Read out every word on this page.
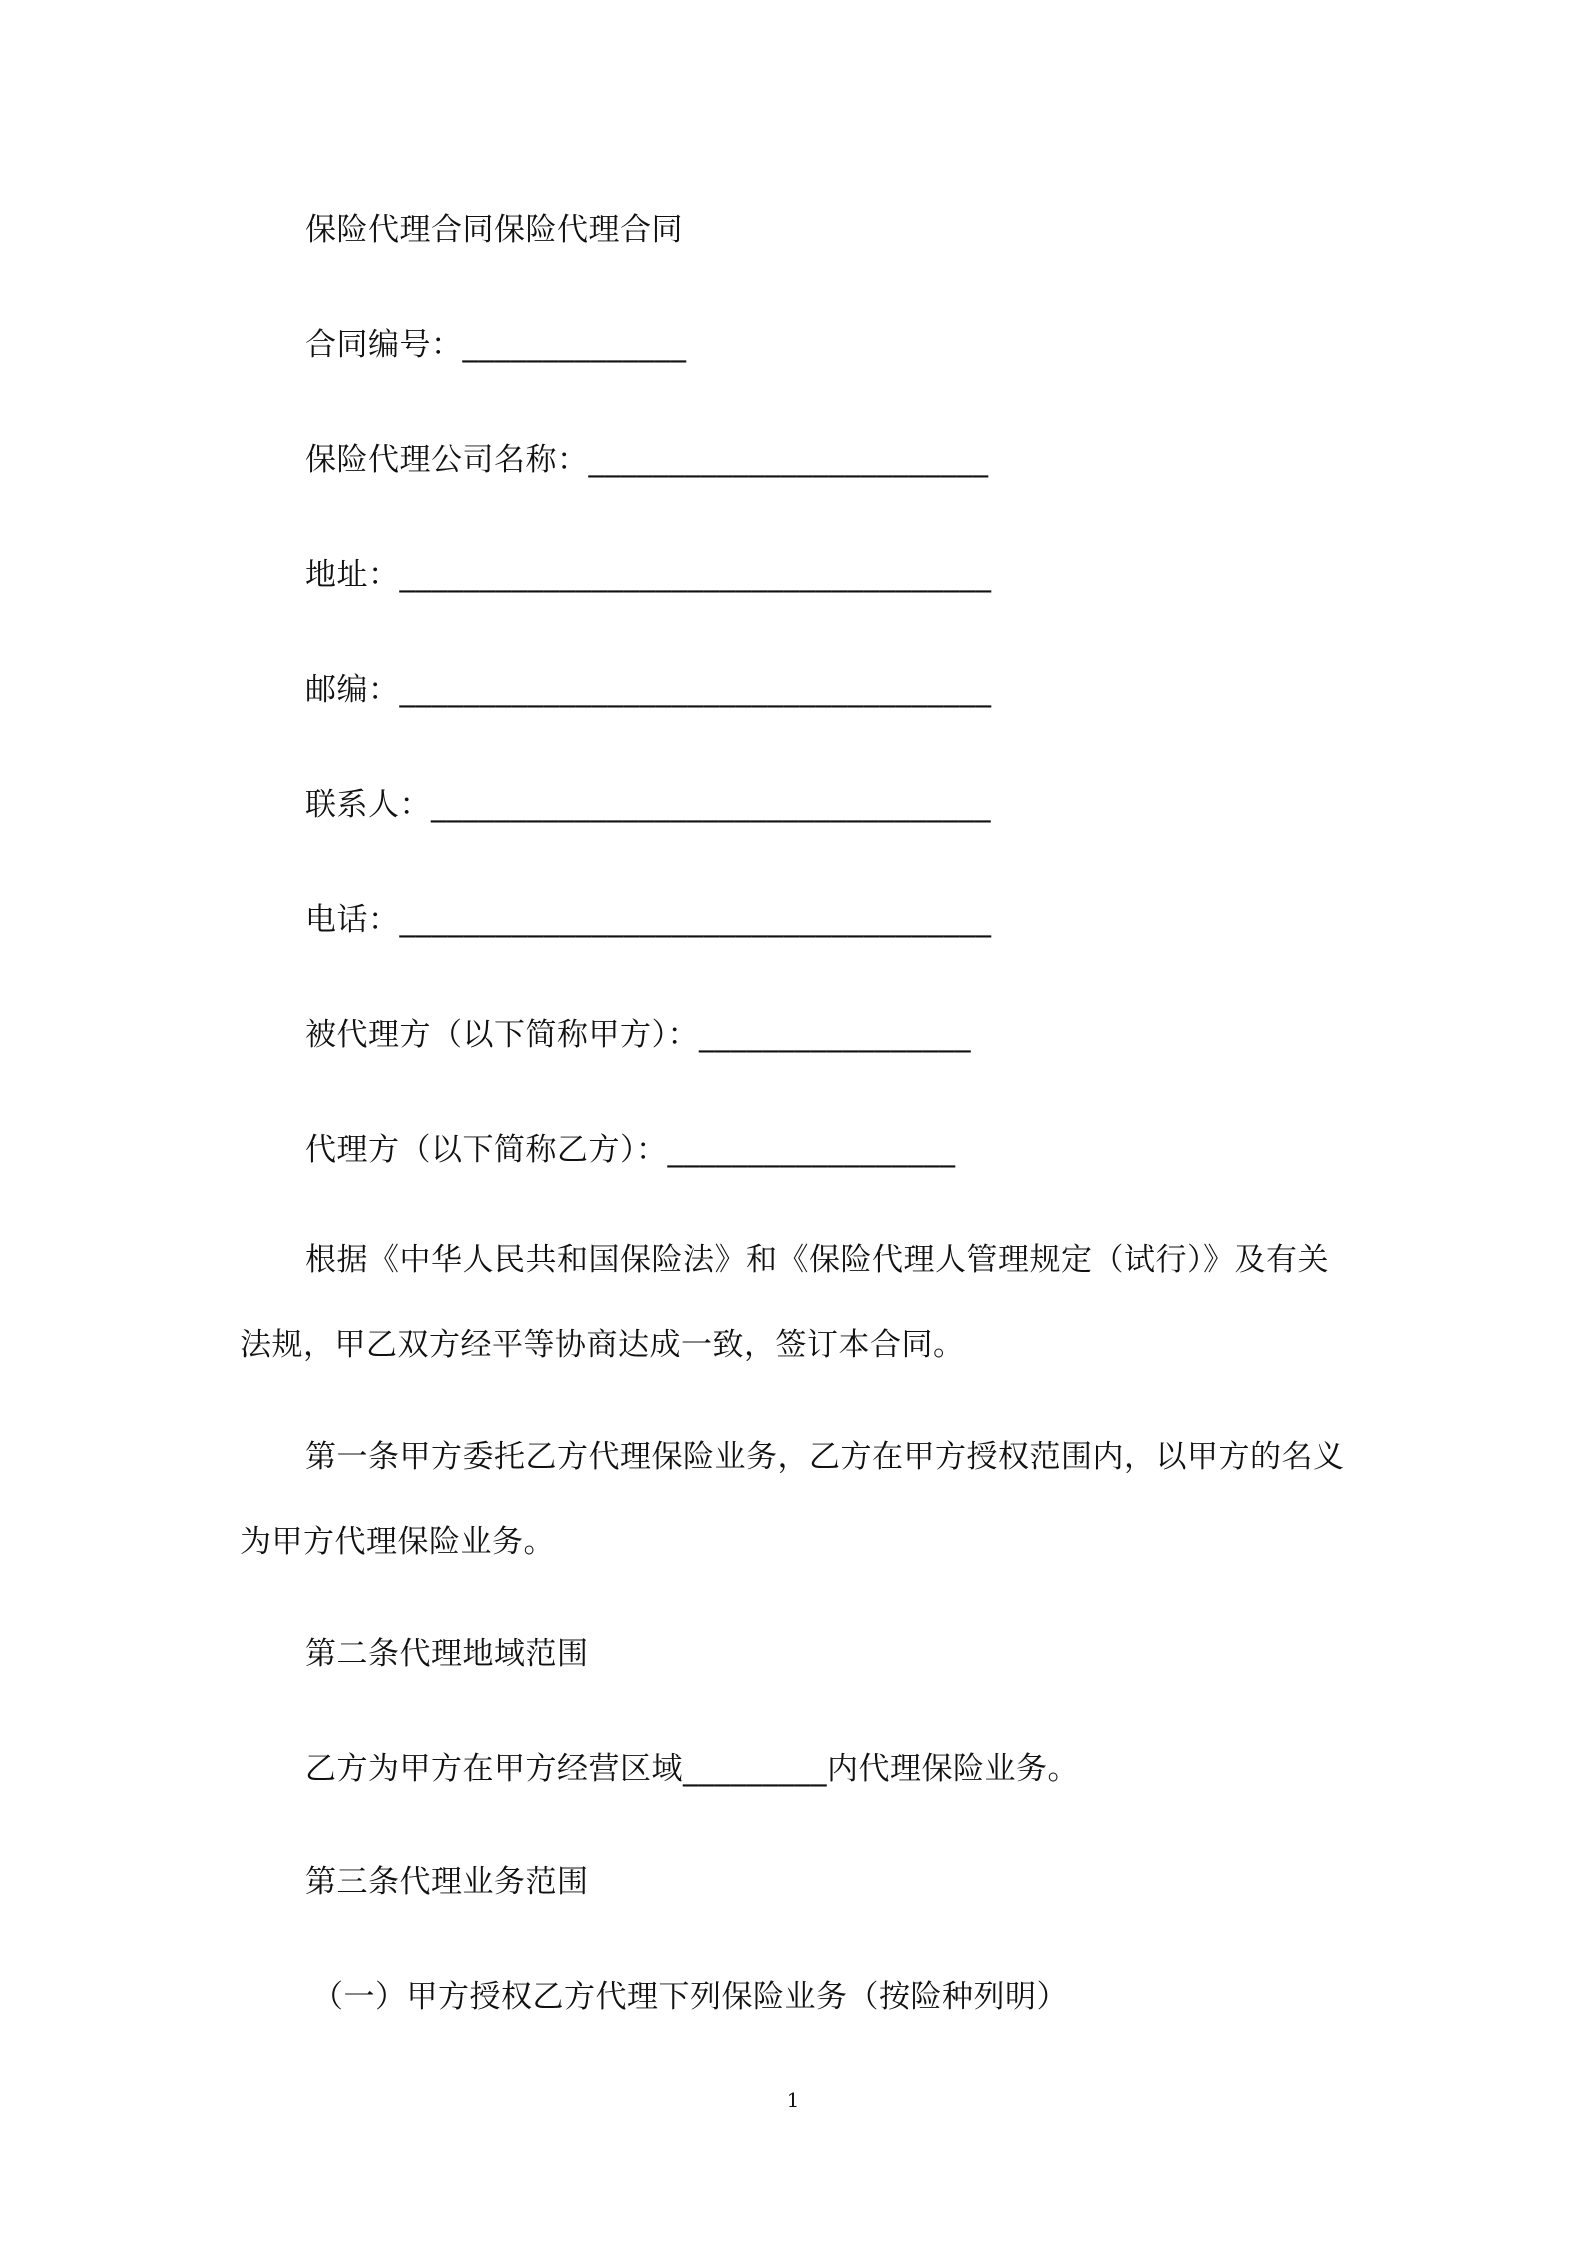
保险代理合同保险代理合同
合同编号：______________
保险代理公司名称：_________________________
地址：_____________________________________
邮编：_____________________________________
联系人：___________________________________
电话：_____________________________________
被代理方（以下简称甲方）：_________________
代理方（以下简称乙方）：__________________
根据《中华人民共和国保险法》和《保险代理人管理规定（试行）》及有关
法规，甲乙双方经平等协商达成一致，签订本合同。
第一条甲方委托乙方代理保险业务，乙方在甲方授权范围内，以甲方的名义
为甲方代理保险业务。
第二条代理地域范围
乙方为甲方在甲方经营区域_________内代理保险业务。
第三条代理业务范围
（一）甲方授权乙方代理下列保险业务（按险种列明）
1
